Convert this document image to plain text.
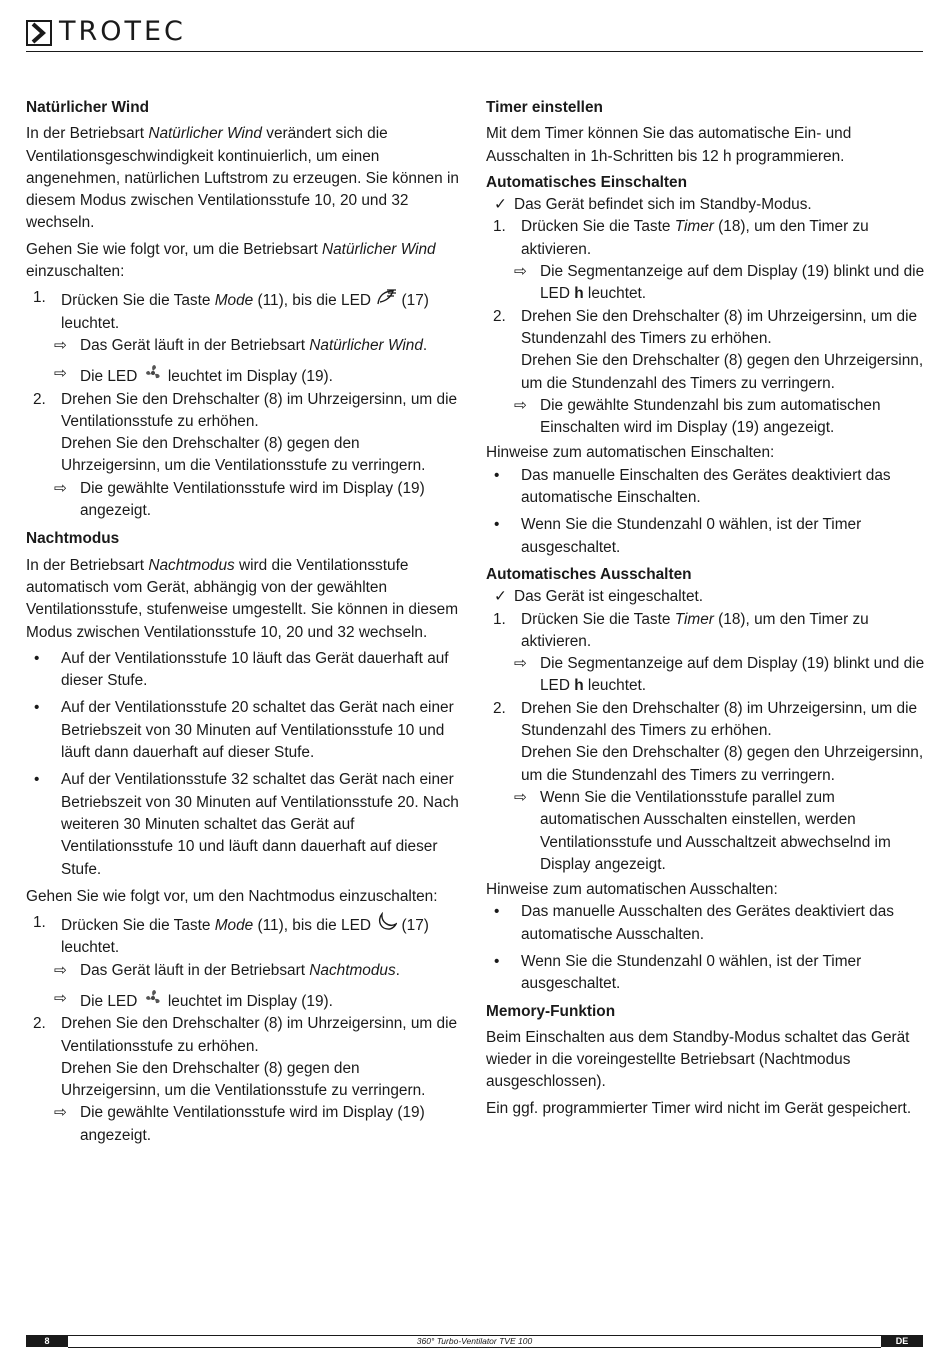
TROTEC
Natürlicher Wind

In der Betriebsart Natürlicher Wind verändert sich die Ventilationsgeschwindigkeit kontinuierlich, um einen angenehmen, natürlichen Luftstrom zu erzeugen. Sie können in diesem Modus zwischen Ventilationsstufe 10, 20 und 32 wechseln.

Gehen Sie wie folgt vor, um die Betriebsart Natürlicher Wind einzuschalten:

1. Drücken Sie die Taste Mode (11), bis die LED  (17) leuchtet.
⇨ Das Gerät läuft in der Betriebsart Natürlicher Wind.
⇨ Die LED  leuchtet im Display (19).
2. Drehen Sie den Drehschalter (8) im Uhrzeigersinn, um die Ventilationsstufe zu erhöhen.
Drehen Sie den Drehschalter (8) gegen den Uhrzeigersinn, um die Ventilationsstufe zu verringern.
⇨ Die gewählte Ventilationsstufe wird im Display (19) angezeigt.
Nachtmodus

In der Betriebsart Nachtmodus wird die Ventilationsstufe automatisch vom Gerät, abhängig von der gewählten Ventilationsstufe, stufenweise umgestellt. Sie können in diesem Modus zwischen Ventilationsstufe 10, 20 und 32 wechseln.

• Auf der Ventilationsstufe 10 läuft das Gerät dauerhaft auf dieser Stufe.
• Auf der Ventilationsstufe 20 schaltet das Gerät nach einer Betriebszeit von 30 Minuten auf Ventilationsstufe 10 und läuft dann dauerhaft auf dieser Stufe.
• Auf der Ventilationsstufe 32 schaltet das Gerät nach einer Betriebszeit von 30 Minuten auf Ventilationsstufe 20. Nach weiteren 30 Minuten schaltet das Gerät auf Ventilationsstufe 10 und läuft dann dauerhaft auf dieser Stufe.

Gehen Sie wie folgt vor, um den Nachtmodus einzuschalten:

1. Drücken Sie die Taste Mode (11), bis die LED  (17) leuchtet.
⇨ Das Gerät läuft in der Betriebsart Nachtmodus.
⇨ Die LED  leuchtet im Display (19).
2. Drehen Sie den Drehschalter (8) im Uhrzeigersinn, um die Ventilationsstufe zu erhöhen.
Drehen Sie den Drehschalter (8) gegen den Uhrzeigersinn, um die Ventilationsstufe zu verringern.
⇨ Die gewählte Ventilationsstufe wird im Display (19) angezeigt.
Timer einstellen

Mit dem Timer können Sie das automatische Ein- und Ausschalten in 1h-Schritten bis 12 h programmieren.

Automatisches Einschalten
✓ Das Gerät befindet sich im Standby-Modus.
1. Drücken Sie die Taste Timer (18), um den Timer zu aktivieren.
⇨ Die Segmentanzeige auf dem Display (19) blinkt und die LED h leuchtet.
2. Drehen Sie den Drehschalter (8) im Uhrzeigersinn, um die Stundenzahl des Timers zu erhöhen.
Drehen Sie den Drehschalter (8) gegen den Uhrzeigersinn, um die Stundenzahl des Timers zu verringern.
⇨ Die gewählte Stundenzahl bis zum automatischen Einschalten wird im Display (19) angezeigt.

Hinweise zum automatischen Einschalten:

• Das manuelle Einschalten des Gerätes deaktiviert das automatische Einschalten.
• Wenn Sie die Stundenzahl 0 wählen, ist der Timer ausgeschaltet.
Automatisches Ausschalten
✓ Das Gerät ist eingeschaltet.
1. Drücken Sie die Taste Timer (18), um den Timer zu aktivieren.
⇨ Die Segmentanzeige auf dem Display (19) blinkt und die LED h leuchtet.
2. Drehen Sie den Drehschalter (8) im Uhrzeigersinn, um die Stundenzahl des Timers zu erhöhen.
Drehen Sie den Drehschalter (8) gegen den Uhrzeigersinn, um die Stundenzahl des Timers zu verringern.
⇨ Wenn Sie die Ventilationsstufe parallel zum automatischen Ausschalten einstellen, werden Ventilationsstufe und Ausschaltzeit abwechselnd im Display angezeigt.

Hinweise zum automatischen Ausschalten:

• Das manuelle Ausschalten des Gerätes deaktiviert das automatische Ausschalten.
• Wenn Sie die Stundenzahl 0 wählen, ist der Timer ausgeschaltet.
Memory-Funktion

Beim Einschalten aus dem Standby-Modus schaltet das Gerät wieder in die voreingestellte Betriebsart (Nachtmodus ausgeschlossen).

Ein ggf. programmierter Timer wird nicht im Gerät gespeichert.

360° Turbo-Ventilator TVE 100
8	DE
